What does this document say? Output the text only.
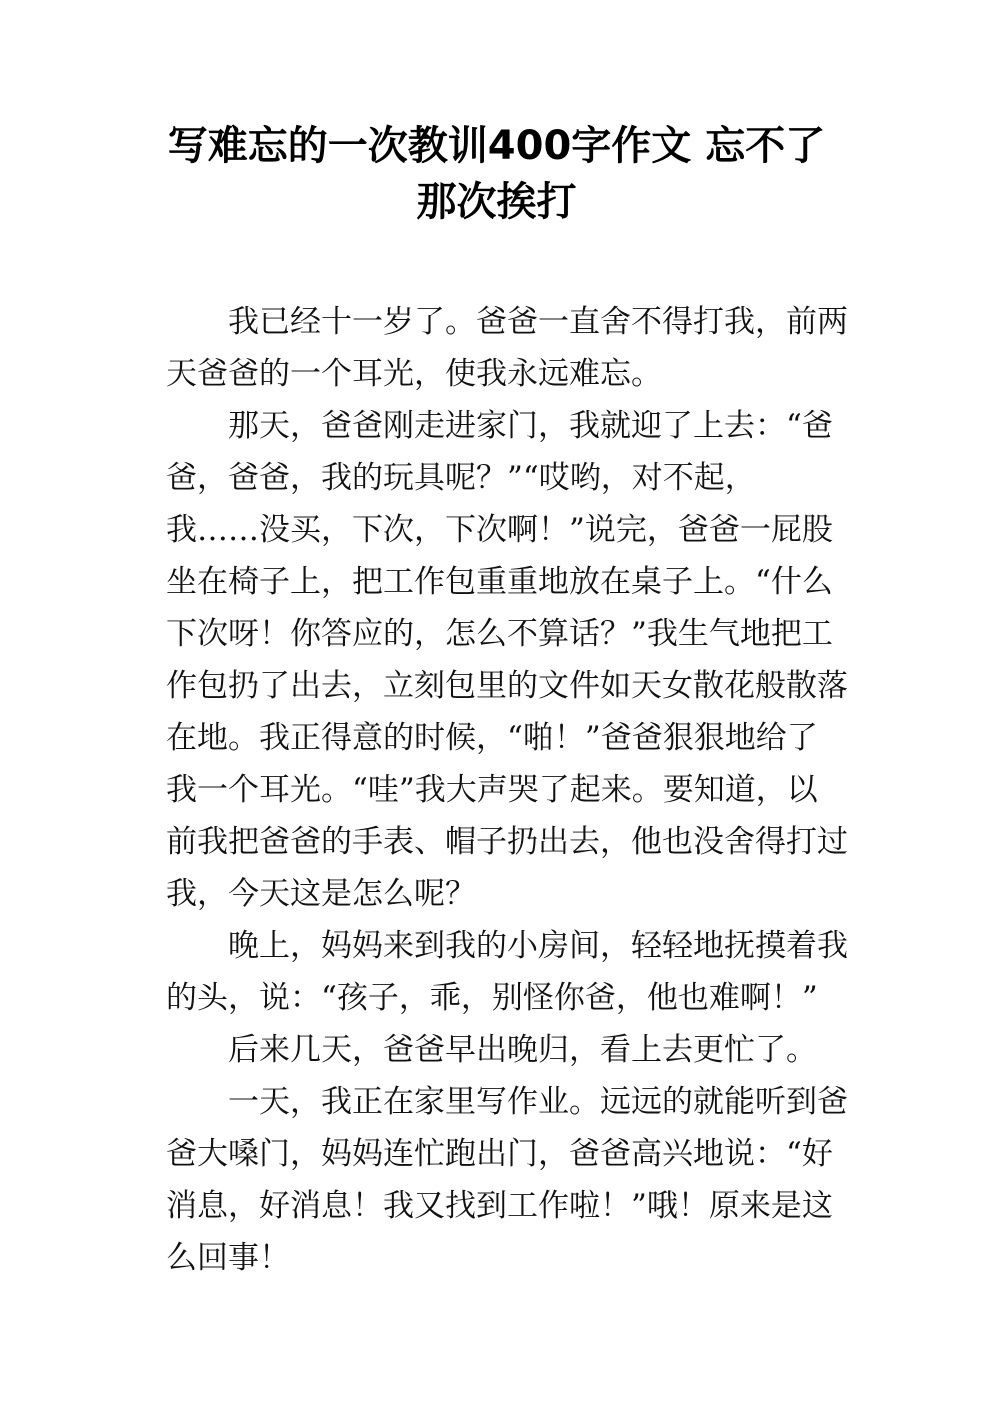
写难忘的一次教训400字作文 忘不了
那次挨打
我已经十一岁了。爸爸一直舍不得打我，前两
天爸爸的一个耳光，使我永远难忘。
那天，爸爸刚走进家门，我就迎了上去：“爸
爸，爸爸，我的玩具呢？”“哎哟，对不起，
我……没买，下次，下次啊！”说完，爸爸一屁股
坐在椅子上，把工作包重重地放在桌子上。“什么
下次呀！你答应的，怎么不算话？”我生气地把工
作包扔了出去，立刻包里的文件如天女散花般散落
在地。我正得意的时候，“啪！”爸爸狠狠地给了
我一个耳光。“哇”我大声哭了起来。要知道，以
前我把爸爸的手表、帽子扔出去，他也没舍得打过
我，今天这是怎么呢？
晚上，妈妈来到我的小房间，轻轻地抚摸着我
的头，说：“孩子，乖，别怪你爸，他也难啊！”
后来几天，爸爸早出晚归，看上去更忙了。
一天，我正在家里写作业。远远的就能听到爸
爸大嗓门，妈妈连忙跑出门，爸爸高兴地说：“好
消息，好消息！我又找到工作啦！”哦！原来是这
么回事！
